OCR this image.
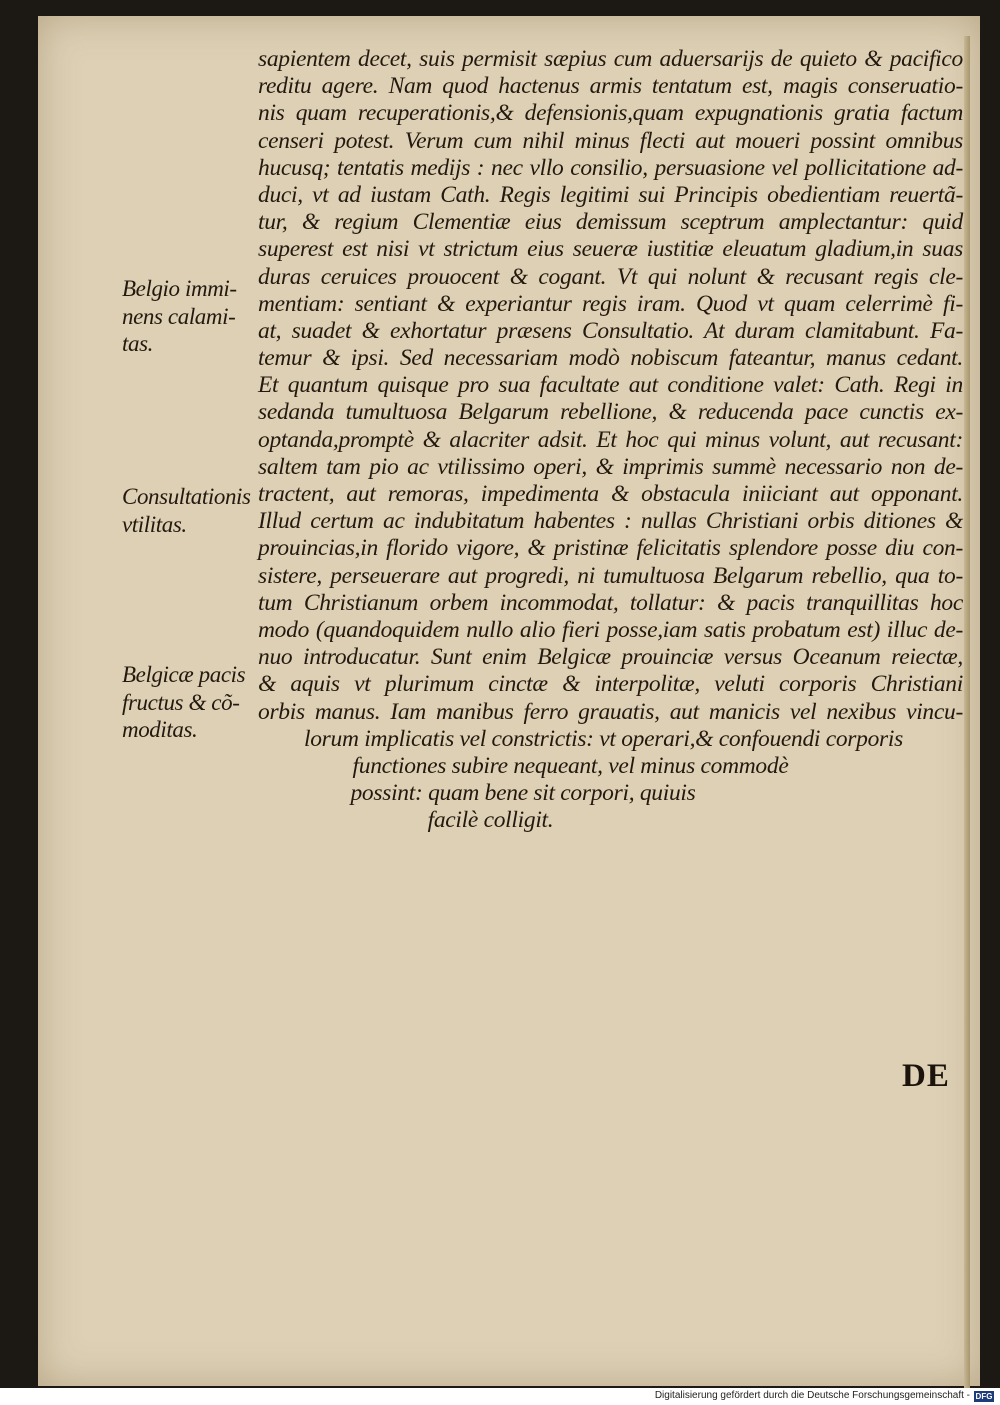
sapientem decet, suis permisit sæpius cum aduersarijs de quieto & pacifico
reditu agere. Nam quod hactenus armis tentatum est, magis conseruatio-
nis quam recuperationis,& defensionis,quam expugnationis gratia factum
censeri potest. Verum cum nihil minus flecti aut moueri possint omnibus
hucusq; tentatis medijs : nec vllo consilio, persuasione vel pollicitatione ad-
duci, vt ad iustam Cath. Regis legitimi sui Principis obedientiam reuertã-
tur, & regium Clementiæ eius demissum sceptrum amplectantur: quid
superest est nisi vt strictum eius seueræ iustitiæ eleuatum gladium,in suas
duras ceruices prouocent & cogant. Vt qui nolunt & recusant regis cle-
mentiam: sentiant & experiantur regis iram. Quod vt quam celerrimè fi-
at, suadet & exhortatur præsens Consultatio. At duram clamitabunt. Fa-
temur & ipsi. Sed necessariam modò nobiscum fateantur, manus cedant.
Et quantum quisque pro sua facultate aut conditione valet: Cath. Regi in
sedanda tumultuosa Belgarum rebellione, & reducenda pace cunctis ex-
optanda,promptè & alacriter adsit. Et hoc qui minus volunt, aut recusant:
saltem tam pio ac vtilissimo operi, & imprimis summè necessario non de-
tractent, aut remoras, impedimenta & obstacula iniiciant aut opponant.
Illud certum ac indubitatum habentes : nullas Christiani orbis ditiones &
prouincias,in florido vigore, & pristinæ felicitatis splendore posse diu con-
sistere, perseuerare aut progredi, ni tumultuosa Belgarum rebellio, qua to-
tum Christianum orbem incommodat, tollatur: & pacis tranquillitas hoc
modo (quandoquidem nullo alio fieri posse,iam satis probatum est) illuc de-
nuo introducatur. Sunt enim Belgicæ prouinciæ versus Oceanum reiectæ,
& aquis vt plurimum cinctæ & interpolitæ, veluti corporis Christiani
orbis manus. Iam manibus ferro grauatis, aut manicis vel nexibus vincu-
lorum implicatis vel constrictis: vt operari,& confouendi corporis
functiones subire nequeant, vel minus commodè
possint: quam bene sit corpori, quiuis
facilè colligit.
Belgio immi-
nens calami-
tas.
Consultationis
vtilitas.
Belgicæ pacis
fructus & cõ-
moditas.
DE
Digitalisierung gefördert durch die Deutsche Forschungsgemeinschaft - DFG
